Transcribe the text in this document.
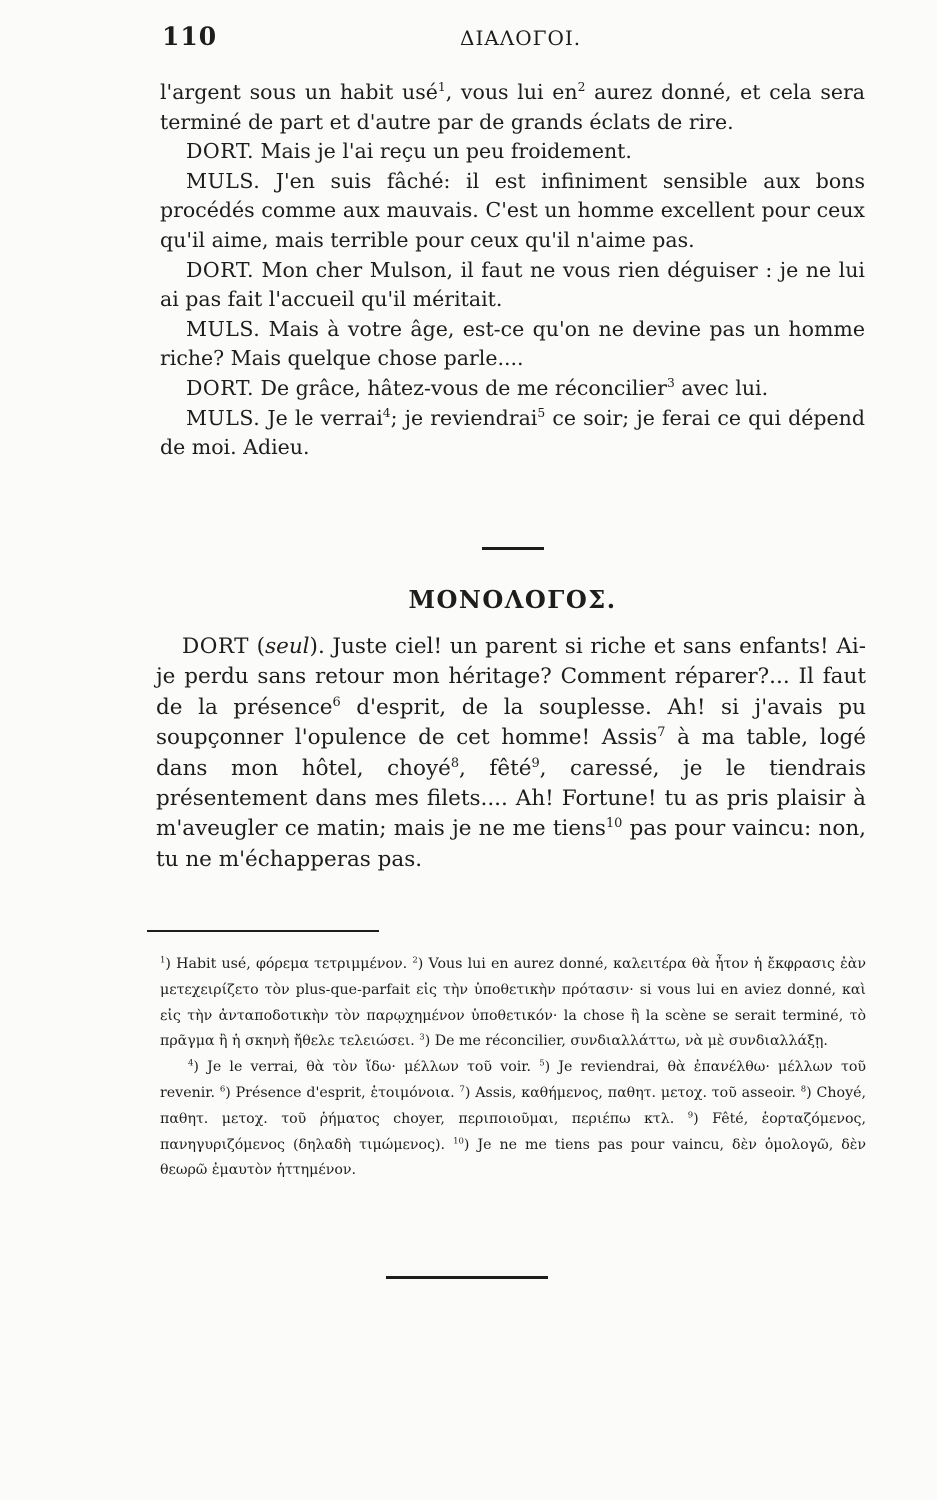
110	ΔΙΑΛΟΓΟΙ.

l'argent sous un habit usé$^1$, vous lui $en^2$ aurez donné, et cela sera terminé de part et d'autre par de grands éclats de rire.

DORT. Mais je l'ai reçu un peu froidement.

MULS. J'en suis fâché: il est infiniment sensible aux bons procédés comme aux mauvais. C'est un homme excellent pour ceux qu'il aime, mais terrible pour ceux qu'il n'aime pas.

DORT. Mon cher Mulson, il faut ne vous rien déguiser : je ne lui ai pas fait l'accueil qu'il méritait.

MULS. Mais à votre âge, est-ce qu'on ne devine pas un homme riche? Mais quelque chose parle....

DORT. De grâce, hâtez-vous de me réconcilier$^3$ avec lui.

MULS. Je le verrai$^4$; je reviendrai$^5$ ce soir; je ferai ce qui dépend de moi. Adieu.

ΜΟΝΟΛΟΓΟΣ.

DORT (seul). Juste ciel! un parent si riche et sans enfants! Ai-je perdu sans retour mon héritage? Comment réparer?... Il faut de la présence$^6$ d'esprit, de la souplesse. Ah! si j'avais pu soupçonner l'opulence de cet homme! Assis$^7$ à ma table, logé dans mon hôtel, choyé$^8$, fêté$^9$, caressé, je le tiendrais présentement dans mes filets.... Ah! Fortune! tu as pris plaisir à m'aveugler ce matin; mais je ne me tiens$^{10}$ pas pour vaincu: non, tu ne m'échapperas pas.

$^1$) Habit usé, φόρεμα τετριμμένον. $^2$) Vous lui en aurez donné, καλειτέρα θὰ ἦτον ἡ ἔκφρασις ἐὰν μετεχειρίζετο τὸν plus-que-parfait εἰς τὴν ὑποθετικὴν πρότασιν· si vous lui en aviez donné, καὶ εἰς τὴν ἀνταποδοτικὴν τὸν παρῳχημένον ὑποθετικόν· la chose ἢ la scène se serait terminé, τὸ πρᾶγμα ἢ ἡ σκηνὴ ἤθελε τελειώσει. $^3$) De me réconcilier, συνδιαλλάττω, νὰ μὲ συνδιαλλάξῃ.

$^4$) Je le verrai, θὰ τὸν ἴδω· μέλλων τοῦ voir. $^5$) Je reviendrai, θὰ ἐπανέλθω· μέλλων τοῦ revenir. $^6$) Présence d'esprit, ἑτοιμόνοια. $^7$) Assis, καθήμενος, παθητ. μετοχ. τοῦ asseoir. $^8$) Choyé, παθητ. μετοχ. τοῦ ῥήματος choyer, περιποιοῦμαι, περιέπω κτλ. $^9$) Fêté, ἑορταζόμενος, πανηγυριζόμενος (δηλαδὴ τιμώμενος). $^{10}$) Je ne me tiens pas pour vaincu, δὲν ὁμολογῶ, δὲν θεωρῶ ἐμαυτὸν ἡττημένον.
